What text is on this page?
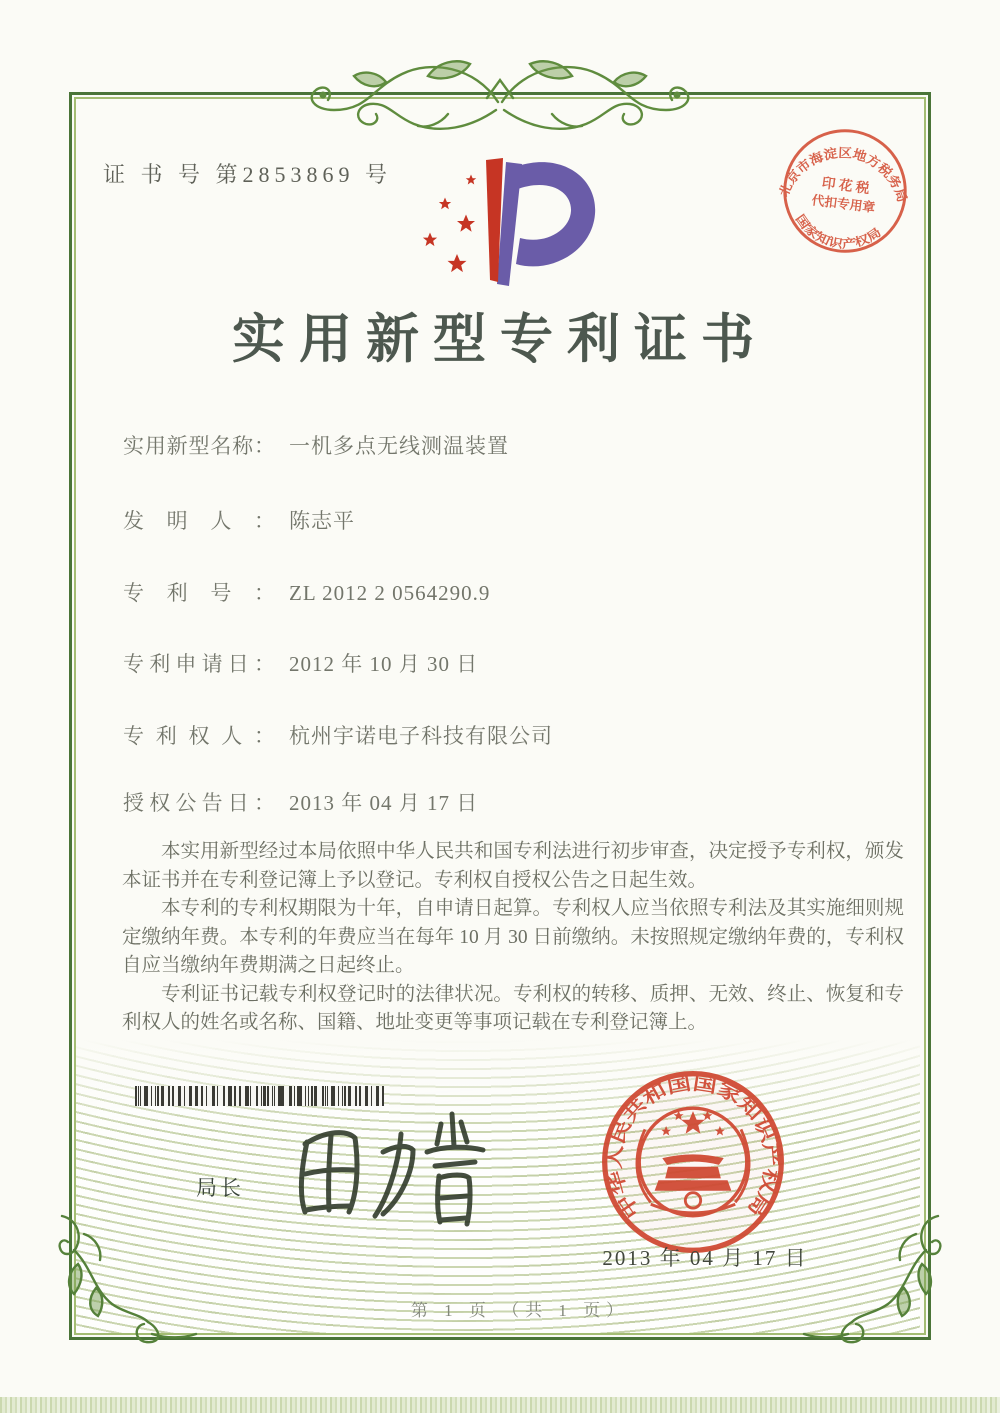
北京市海淀区地方税务局
国家知识产权局
印 花 税
代扣专用章
证 书 号 第2853869 号
实用新型专利证书
实用新型名称： 一机多点无线测温装置
发明人： 陈志平
专利号： ZL 2012 2 0564290.9
专利申请日： 2012 年 10 月 30 日
专利权人： 杭州宇诺电子科技有限公司
授权公告日： 2013 年 04 月 17 日

本实用新型经过本局依照中华人民共和国专利法进行初步审查，决定授予专利权，颁发本证书并在专利登记簿上予以登记。专利权自授权公告之日起生效。

本专利的专利权期限为十年，自申请日起算。专利权人应当依照专利法及其实施细则规定缴纳年费。本专利的年费应当在每年 10 月 30 日前缴纳。未按照规定缴纳年费的，专利权自应当缴纳年费期满之日起终止。

专利证书记载专利权登记时的法律状况。专利权的转移、质押、无效、终止、恢复和专利权人的姓名或名称、国籍、地址变更等事项记载在专利登记簿上。

局长
中华人民共和国国家知识产权局
2013 年 04 月 17 日
第 1 页 （共 1 页）
